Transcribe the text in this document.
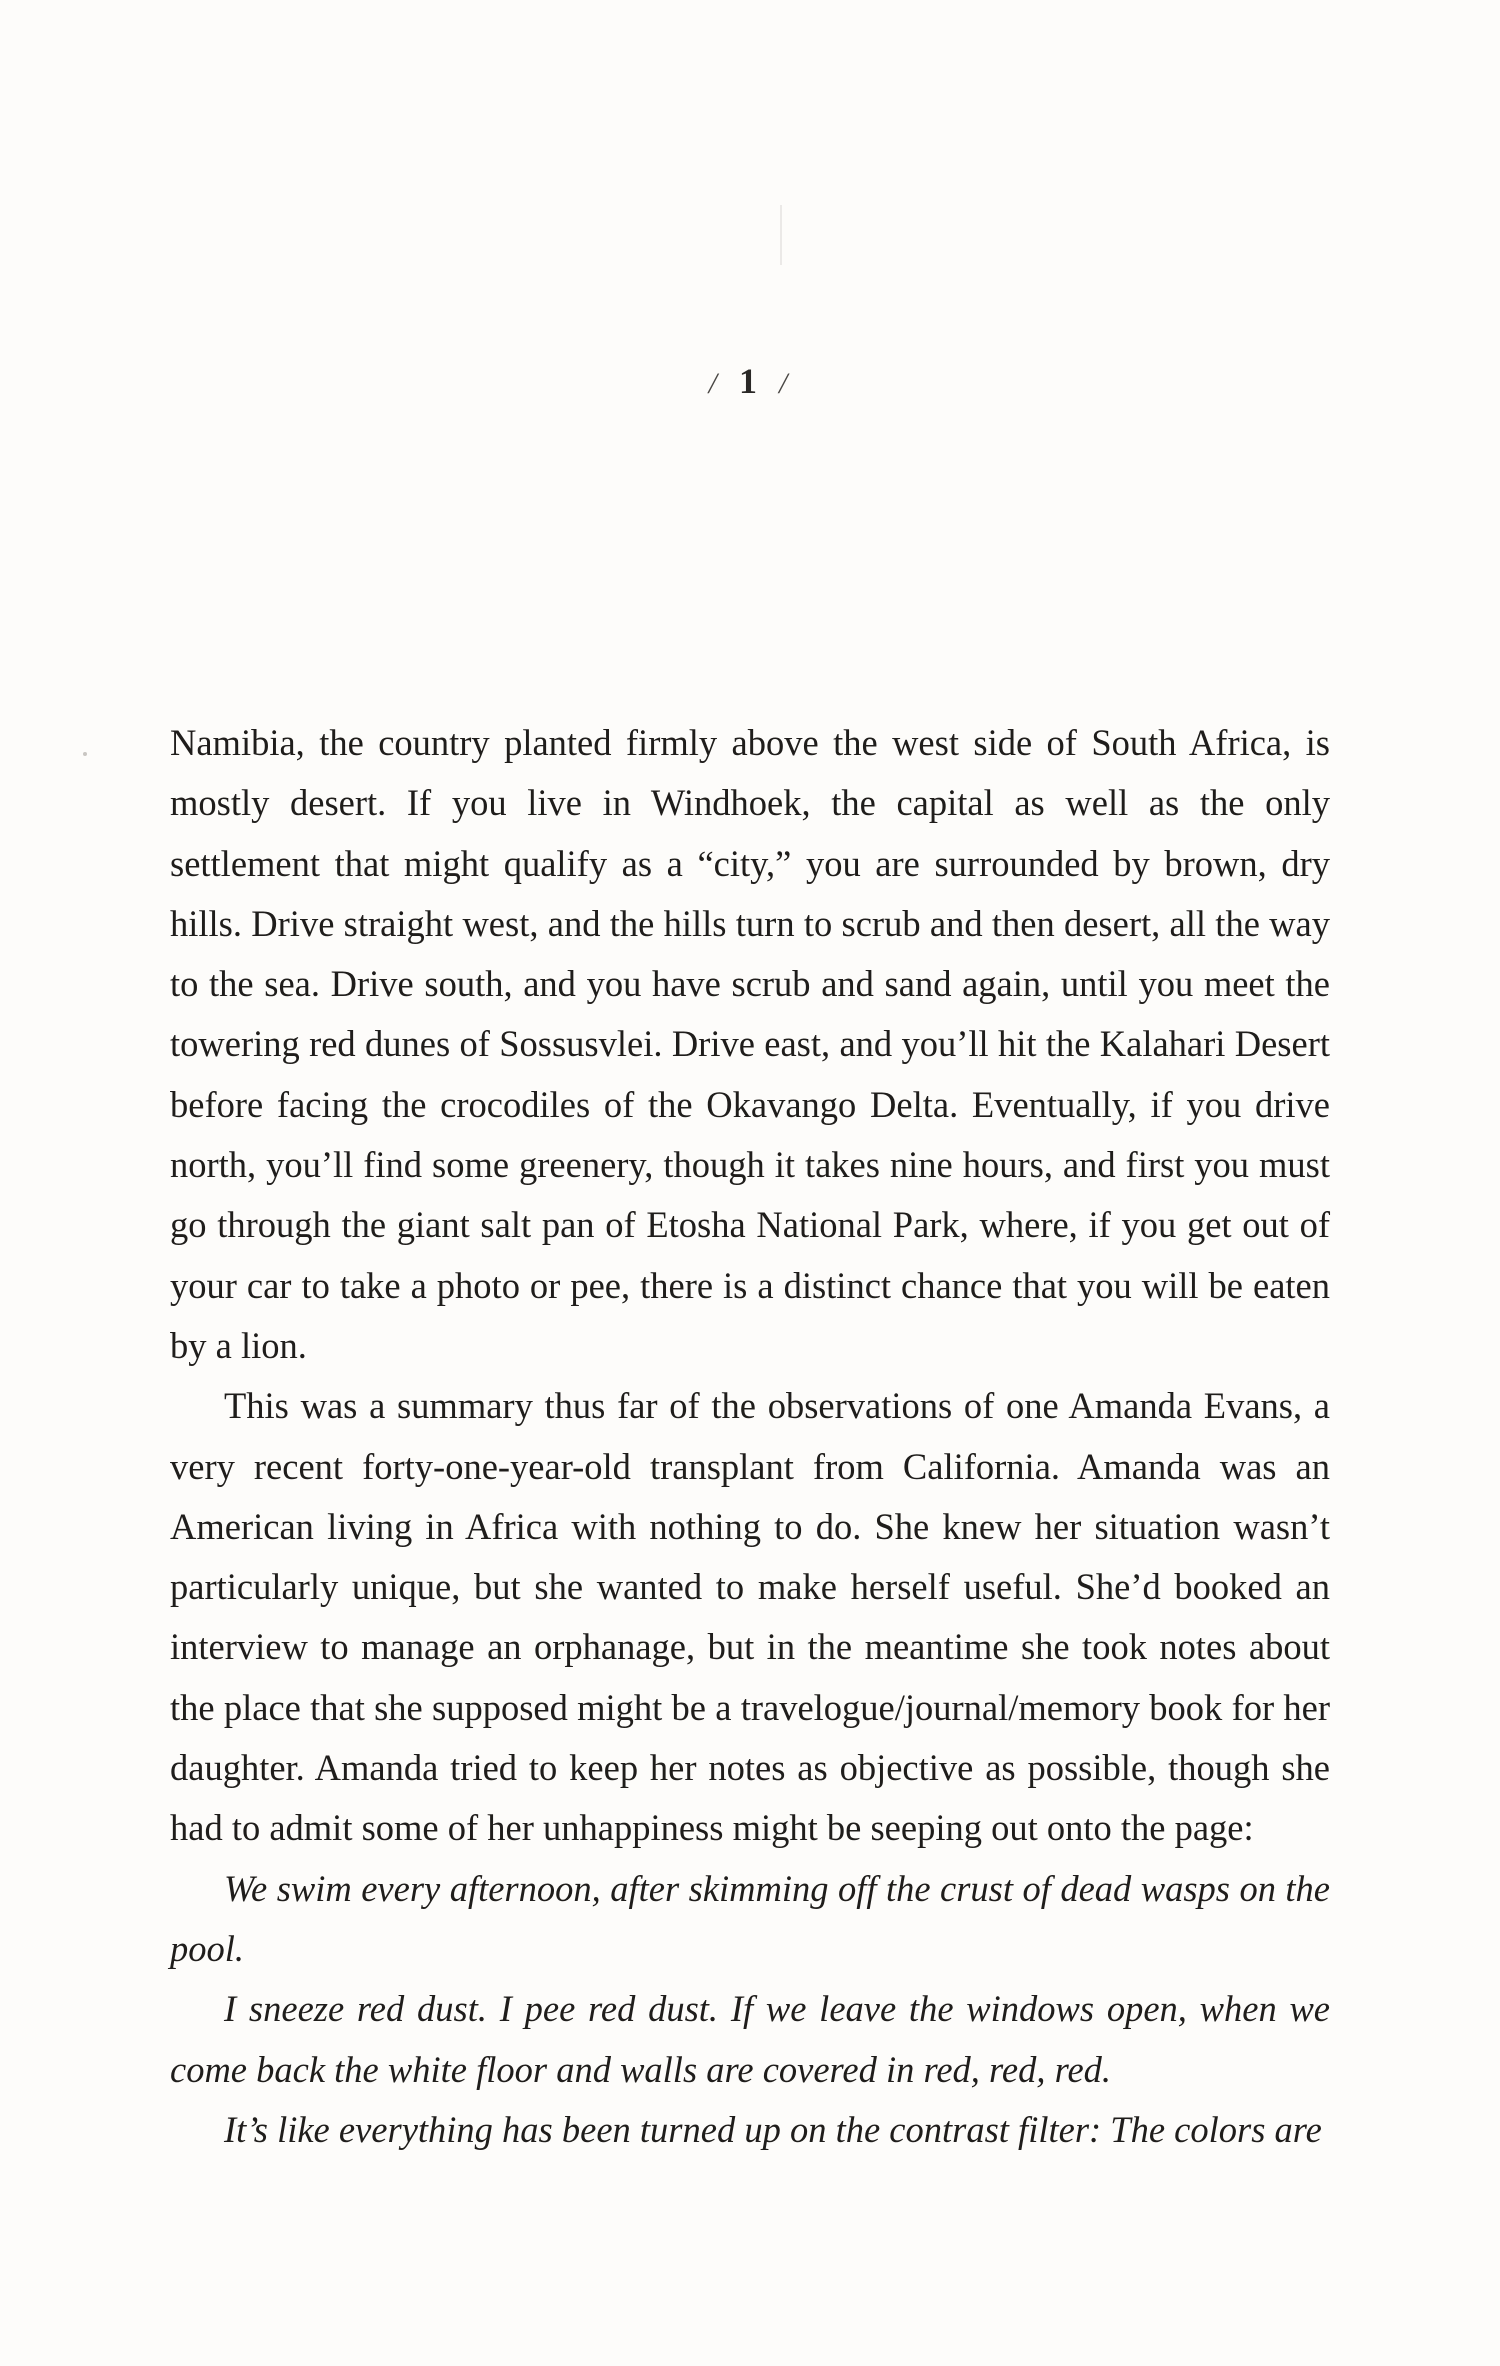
/ 1 /

Namibia, the country planted firmly above the west side of South Africa, is mostly desert. If you live in Windhoek, the capital as well as the only settlement that might qualify as a “city,” you are surrounded by brown, dry hills. Drive straight west, and the hills turn to scrub and then desert, all the way to the sea. Drive south, and you have scrub and sand again, until you meet the towering red dunes of Sossusvlei. Drive east, and you’ll hit the Kalahari Desert before facing the crocodiles of the Okavango Delta. Eventually, if you drive north, you’ll find some greenery, though it takes nine hours, and first you must go through the giant salt pan of Etosha National Park, where, if you get out of your car to take a photo or pee, there is a distinct chance that you will be eaten by a lion.

This was a summary thus far of the observations of one Amanda Evans, a very recent forty-one-year-old transplant from California. Amanda was an American living in Africa with nothing to do. She knew her situation wasn’t particularly unique, but she wanted to make herself useful. She’d booked an interview to manage an orphanage, but in the meantime she took notes about the place that she supposed might be a travelogue/journal/memory book for her daughter. Amanda tried to keep her notes as objective as possible, though she had to admit some of her unhappiness might be seeping out onto the page:

We swim every afternoon, after skimming off the crust of dead wasps on the pool.

I sneeze red dust. I pee red dust. If we leave the windows open, when we come back the white floor and walls are covered in red, red, red.

It’s like everything has been turned up on the contrast filter: The colors are
